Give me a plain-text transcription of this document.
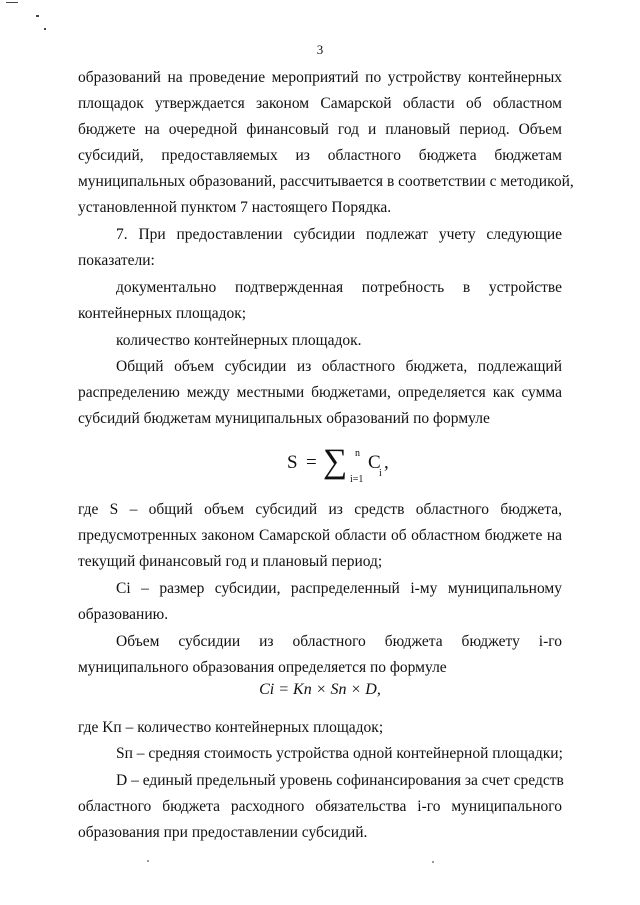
3
образований на проведение мероприятий по устройству контейнерных
площадок утверждается законом Самарской области об областном
бюджете на очередной финансовый год и плановый период. Объем
субсидий, предоставляемых из областного бюджета бюджетам
муниципальных образований, рассчитывается в соответствии с методикой,
установленной пунктом 7 настоящего Порядка.
7. При предоставлении субсидии подлежат учету следующие
показатели:
документально подтвержденная потребность в устройстве
контейнерных площадок;
количество контейнерных площадок.
Общий объем субсидии из областного бюджета, подлежащий
распределению между местными бюджетами, определяется как сумма
субсидий бюджетам муниципальных образований по формуле
S = ∑ n
i=1
C
i
,
где S – общий объем субсидий из средств областного бюджета,
предусмотренных законом Самарской области об областном бюджете на
текущий финансовый год и плановый период;
Ci – размер субсидии, распределенный i-му муниципальному
образованию.
Объем субсидии из областного бюджета бюджету i-го
муниципального образования определяется по формуле
Ci = Kп × Sп × D,
где Kп – количество контейнерных площадок;
Sп – средняя стоимость устройства одной контейнерной площадки;
D – единый предельный уровень софинансирования за счет средств
областного бюджета расходного обязательства i-го муниципального
образования при предоставлении субсидий.
